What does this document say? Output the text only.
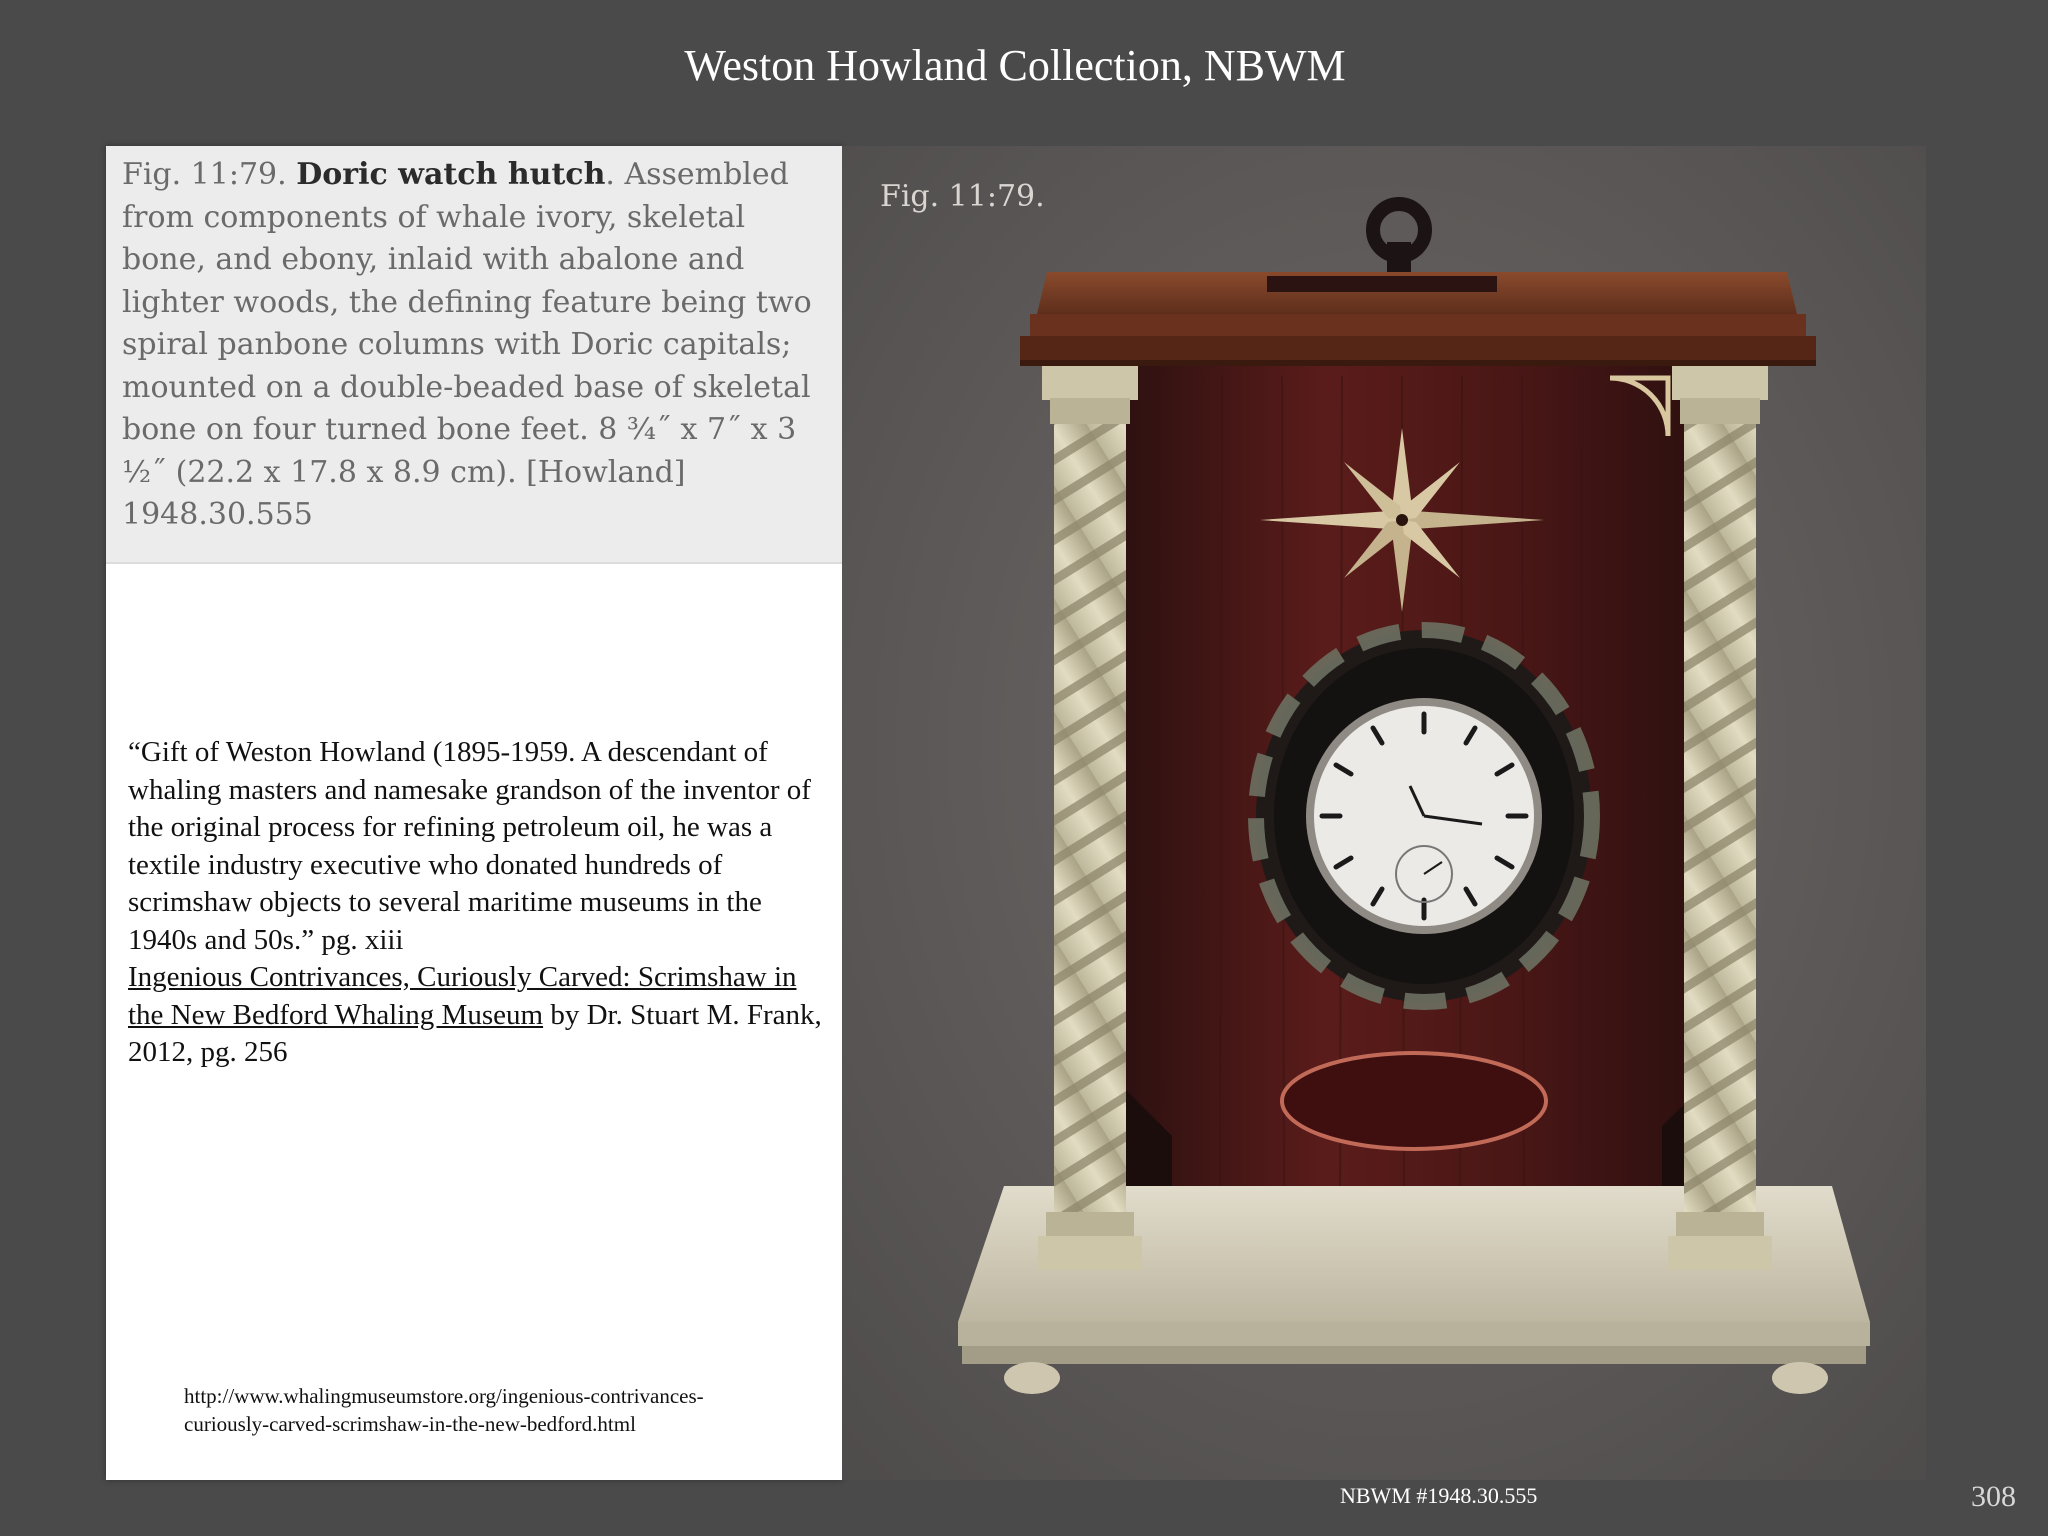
Weston Howland Collection, NBWM

Fig. 11:79. Doric watch hutch. Assembled from components of whale ivory, skeletal bone, and ebony, inlaid with abalone and lighter woods, the defining feature being two spiral panbone columns with Doric capitals; mounted on a double-beaded base of skeletal bone on four turned bone feet. 8 ¾˝ x 7˝ x 3 ½˝ (22.2 x 17.8 x 8.9 cm). [Howland] 1948.30.555

“Gift of Weston Howland (1895-1959. A descendant of whaling masters and namesake grandson of the inventor of the original process for refining petroleum oil, he was a textile industry executive who donated hundreds of scrimshaw objects to several maritime museums in the 1940s and 50s.” pg. xiii
Ingenious Contrivances, Curiously Carved: Scrimshaw in the New Bedford Whaling Museum by Dr. Stuart M. Frank, 2012, pg. 256

http://www.whalingmuseumstore.org/ingenious-contrivances-curiously-carved-scrimshaw-in-the-new-bedford.html

Fig. 11:79.
NBWM #1948.30.555	308
